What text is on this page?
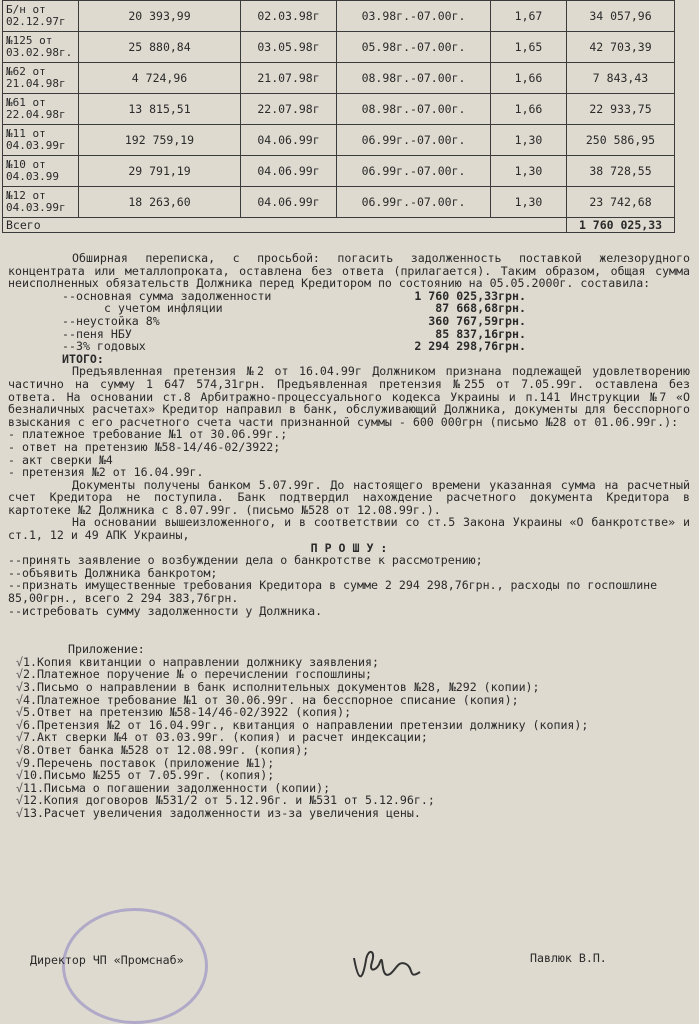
Б/н от 02.12.97г	20 393,99	02.03.98г	03.98г.-07.00г.	1,67	34 057,96
№125 от 03.02.98г.	25 880,84	03.05.98г	05.98г.-07.00г.	1,65	42 703,39
№62 от 21.04.98г	4 724,96	21.07.98г	08.98г.-07.00г.	1,66	7 843,43
№61 от 22.04.98г	13 815,51	22.07.98г	08.98г.-07.00г.	1,66	22 933,75
№11 от 04.03.99г	192 759,19	04.06.99г	06.99г.-07.00г.	1,30	250 586,95
№10 от 04.03.99	29 791,19	04.06.99г	06.99г.-07.00г.	1,30	38 728,55
№12 от 04.03.99г	18 263,60	04.06.99г	06.99г.-07.00г.	1,30	23 742,68
Всего					1 760 025,33
Обширная переписка, с просьбой: погасить задолженность поставкой железорудного концентрата или металлопроката, оставлена без ответа (прилагается). Таким образом, общая сумма неисполненных обязательств Должника перед Кредитором по состоянию на 05.05.2000г. составила:
--основная сумма задолженности	1 760 025,33грн.
с учетом инфляции	87 668,68грн.
--неустойка 8%	360 767,59грн.
--пеня НБУ	85 837,16грн.
--3% годовых	2 294 298,76грн.
ИТОГО:
Предъявленная претензия №2 от 16.04.99г Должником признана подлежащей удовлетворению частично на сумму 1 647 574,31грн. Предъявленная претензия №255 от 7.05.99г. оставлена без ответа. На основании ст.8 Арбитражно-процессуального кодекса Украины и п.141 Инструкции №7 «О безналичных расчетах» Кредитор направил в банк, обслуживающий Должника, документы для бесспорного взыскания с его расчетного счета части признанной суммы - 600 000грн (письмо №28 от 01.06.99г.):
- платежное требование №1 от 30.06.99г.;
- ответ на претензию №58-14/46-02/3922;
- акт сверки №4
- претензия №2 от 16.04.99г.
Документы получены банком 5.07.99г. До настоящего времени указанная сумма на расчетный счет Кредитора не поступила. Банк подтвердил нахождение расчетного документа Кредитора в картотеке №2 Должника с 8.07.99г. (письмо №528 от 12.08.99г.).
На основании вышеизложенного, и в соответствии со ст.5 Закона Украины «О банкротстве» и ст.1, 12 и 49 АПК Украины,
П Р О Ш У :
--принять заявление о возбуждении дела о банкротстве к рассмотрению;
--объявить Должника банкротом;
--признать имущественные требования Кредитора в сумме 2 294 298,76грн., расходы по госпошлине 85,00грн., всего 2 294 383,76грн.
--истребовать сумму задолженности у Должника.
Приложение:
√1.Копия квитанции о направлении должнику заявления;
√2.Платежное поручение № о перечислении госпошлины;
√3.Письмо о направлении в банк исполнительных документов №28, №292 (копии);
√4.Платежное требование №1 от 30.06.99г. на бесспорное списание (копия);
√5.Ответ на претензию №58-14/46-02/3922 (копия);
√6.Претензия №2 от 16.04.99г., квитанция о направлении претензии должнику (копия);
√7.Акт сверки №4 от 03.03.99г. (копия) и расчет индексации;
√8.Ответ банка №528 от 12.08.99г. (копия);
√9.Перечень поставок (приложение №1);
√10.Письмо №255 от 7.05.99г. (копия);
√11.Письма о погашении задолженности (копии);
√12.Копия договоров №531/2 от 5.12.96г. и №531 от 5.12.96г.;
√13.Расчет увеличения задолженности из-за увеличения цены.
Директор ЧП «Промснаб»	Павлюк В.П.
